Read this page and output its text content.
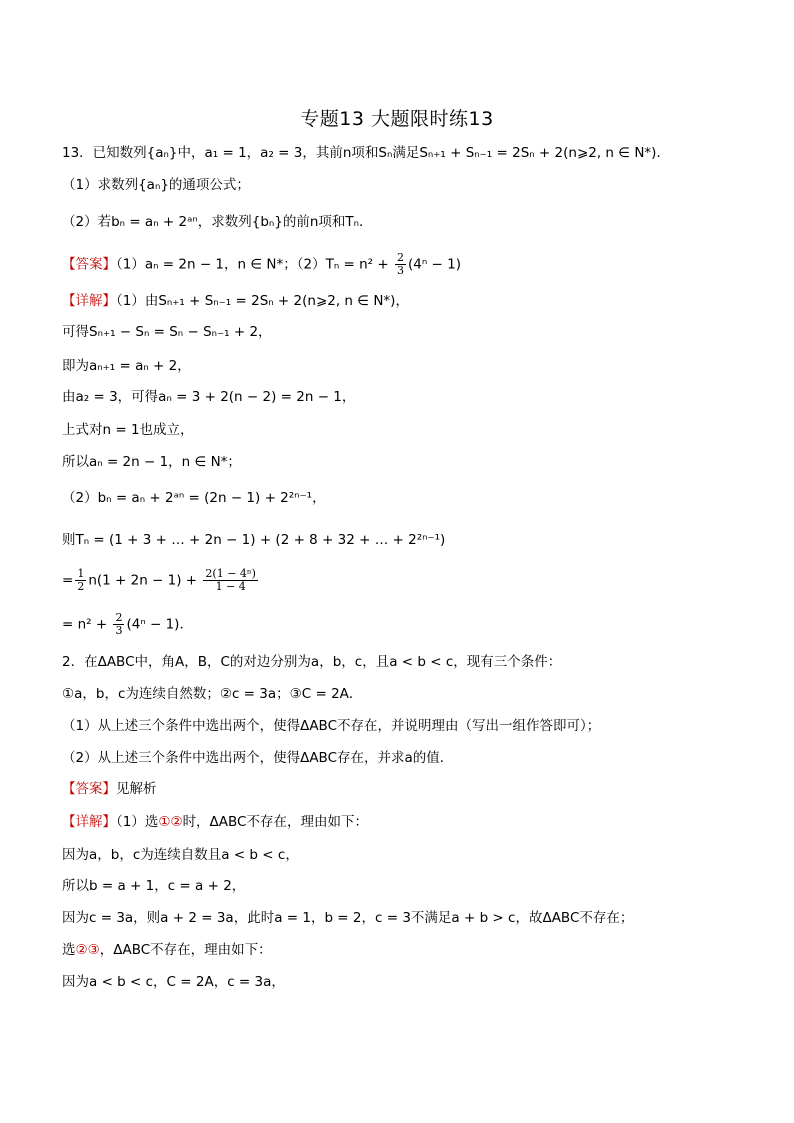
专题13 大题限时练13
13．已知数列{aₙ}中，a₁ = 1，a₂ = 3，其前n项和Sₙ满足Sₙ₊₁ + Sₙ₋₁ = 2Sₙ + 2(n⩾2, n ∈ N*)．
（1）求数列{aₙ}的通项公式；
（2）若bₙ = aₙ + 2ᵃⁿ，求数列{bₙ}的前n项和Tₙ．
【答案】（1）aₙ = 2n − 1，n ∈ N*；$(2)T_n = n^2 + \frac{2}{3} (4^n - 1)$
【详解】（1）由Sₙ₊₁ + Sₙ₋₁ = 2Sₙ + 2(n⩾2, n ∈ N*)，
可得Sₙ₊₁ − Sₙ = Sₙ − Sₙ₋₁ + 2，
即为aₙ₊₁ = aₙ + 2，
由a₂ = 3，可得aₙ = 3 + 2(n − 2) = 2n − 1，
上式对n = 1也成立，
所以aₙ = 2n − 1，n ∈ N*；
（2）bₙ = aₙ + 2ᵃⁿ = (2n − 1) + 2²ⁿ⁻¹，
则Tₙ = (1 + 3 + … + 2n − 1) + (2 + 8 + 32 + … + 2²ⁿ⁻¹)
= $\frac{1}{2} n(1 + 2n - 1) + \frac{\text{2(1 − 4ⁿ)}}{1 - 4}$
= $n^2 + \frac{2}{3} (4^n - 1)$．
2．在ΔABC中，角A，B，C的对边分别为a，b，c，且a < b < c，现有三个条件：
①a，b，c为连续自然数；②c = 3a；③C = 2A．
（1）从上述三个条件中选出两个，使得ΔABC不存在，并说明理由（写出一组作答即可）；
（2）从上述三个条件中选出两个，使得ΔABC存在，并求a的值．
【答案】见解析
【详解】（1）选①②时，ΔABC不存在，理由如下：
因为a，b，c为连续自数且a < b < c，
所以b = a + 1，c = a + 2，
因为c = 3a，则a + 2 = 3a，此时a = 1，b = 2，c = 3不满足a + b > c，故ΔABC不存在；
选②③，ΔABC不存在，理由如下：
因为a < b < c，C = 2A，c = 3a，
